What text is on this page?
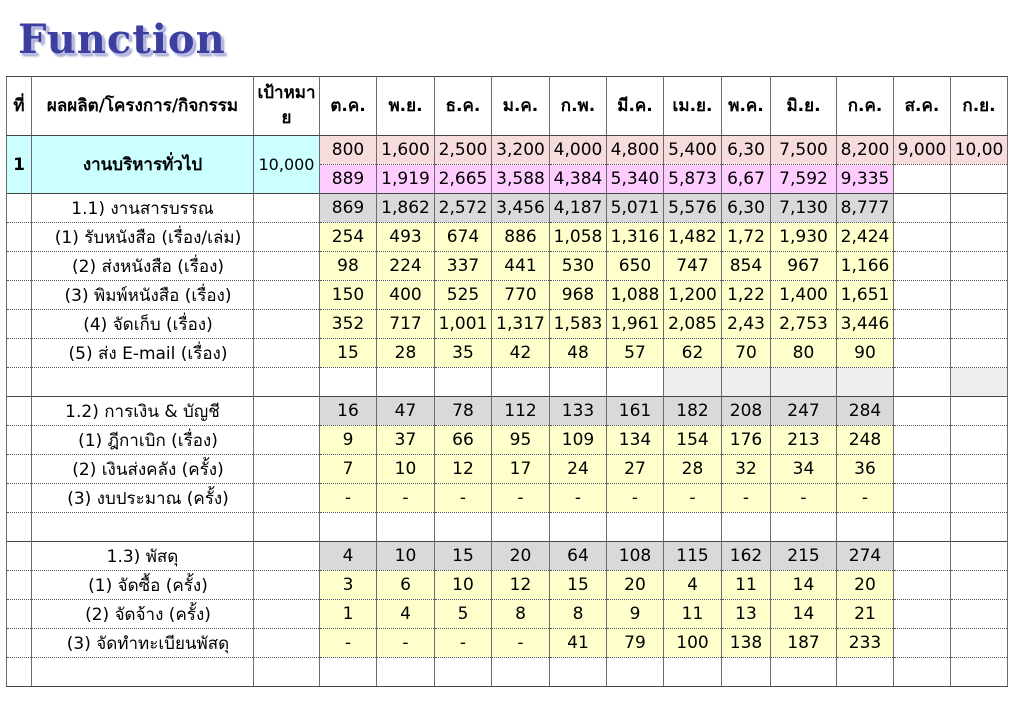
Function
ที่	ผลผลิต/โครงการ/กิจกรรม	เป้าหมาย	ต.ค.	พ.ย.	ธ.ค.	ม.ค.	ก.พ.	มี.ค.	เม.ย.	พ.ค.	มิ.ย.	ก.ค.	ส.ค.	ก.ย.
1	งานบริหารทั่วไป	10,000	800	1,600	2,500	3,200	4,000	4,800	5,400	6,30	7,500	8,200	9,000	10,00
			889	1,919	2,665	3,588	4,384	5,340	5,873	6,67	7,592	9,335		
	1.1) งานสารบรรณ		869	1,862	2,572	3,456	4,187	5,071	5,576	6,30	7,130	8,777		
	(1) รับหนังสือ (เรื่อง/เล่ม)		254	493	674	886	1,058	1,316	1,482	1,72	1,930	2,424		
	(2) ส่งหนังสือ (เรื่อง)		98	224	337	441	530	650	747	854	967	1,166		
	(3) พิมพ์หนังสือ (เรื่อง)		150	400	525	770	968	1,088	1,200	1,22	1,400	1,651		
	(4) จัดเก็บ (เรื่อง)		352	717	1,001	1,317	1,583	1,961	2,085	2,43	2,753	3,446		
	(5) ส่ง E-mail (เรื่อง)		15	28	35	42	48	57	62	70	80	90		

	1.2) การเงิน & บัญชี		16	47	78	112	133	161	182	208	247	284		
	(1) ฎีกาเบิก (เรื่อง)		9	37	66	95	109	134	154	176	213	248		
	(2) เงินส่งคลัง (ครั้ง)		7	10	12	17	24	27	28	32	34	36		
	(3) งบประมาณ (ครั้ง)		-	-	-	-	-	-	-	-	-	-		

	1.3) พัสดุ		4	10	15	20	64	108	115	162	215	274		
	(1) จัดซื้อ (ครั้ง)		3	6	10	12	15	20	4	11	14	20		
	(2) จัดจ้าง (ครั้ง)		1	4	5	8	8	9	11	13	14	21		
	(3) จัดทำทะเบียนพัสดุ		-	-	-	-	41	79	100	138	187	233		
